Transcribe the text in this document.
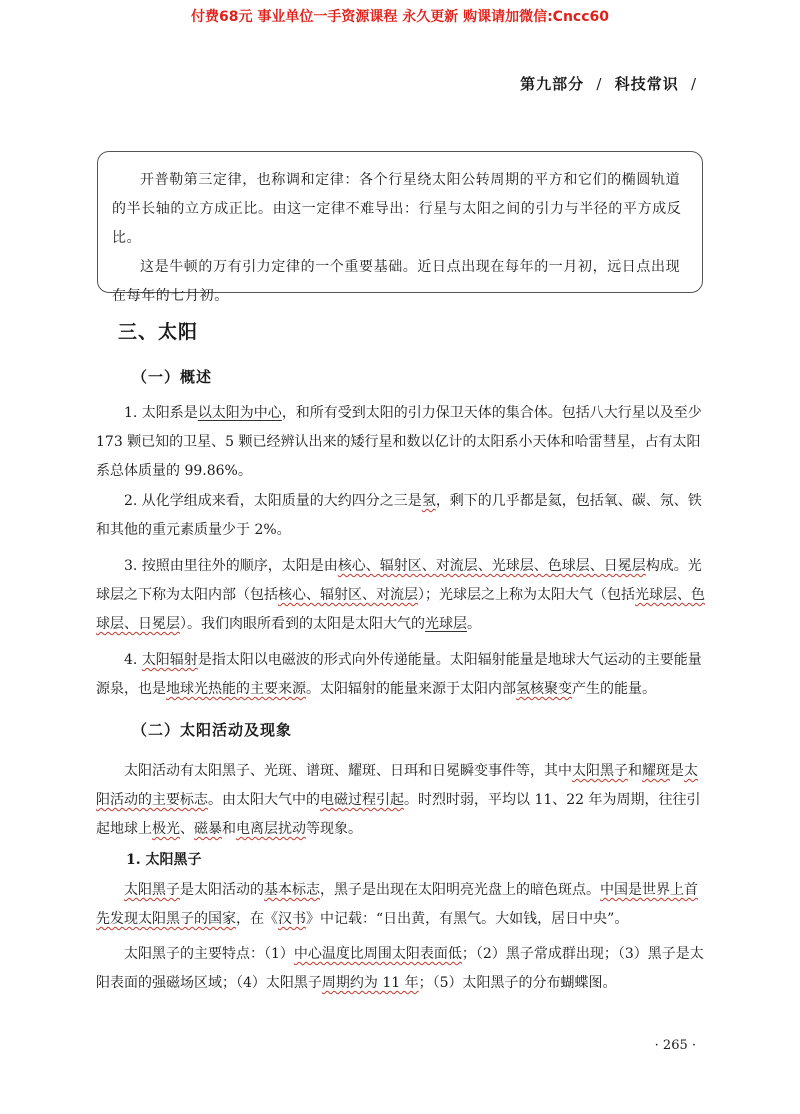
付费68元 事业单位一手资源课程 永久更新 购课请加微信:Cncc60
第九部分 / 科技常识 /

开普勒第三定律，也称调和定律：各个行星绕太阳公转周期的平方和它们的椭圆轨道的半长轴的立方成正比。由这一定律不难导出：行星与太阳之间的引力与半径的平方成反比。

这是牛顿的万有引力定律的一个重要基础。近日点出现在每年的一月初，远日点出现在每年的七月初。

三、太阳
（一）概述

1. 太阳系是以太阳为中心，和所有受到太阳的引力保卫天体的集合体。包括八大行星以及至少 173 颗已知的卫星、5 颗已经辨认出来的矮行星和数以亿计的太阳系小天体和哈雷彗星，占有太阳系总体质量的 99.86%。

2. 从化学组成来看，太阳质量的大约四分之三是氢，剩下的几乎都是氦，包括氧、碳、氖、铁和其他的重元素质量少于 2%。

3. 按照由里往外的顺序，太阳是由核心、辐射区、对流层、光球层、色球层、日冕层构成。光球层之下称为太阳内部（包括核心、辐射区、对流层）；光球层之上称为太阳大气（包括光球层、色球层、日冕层）。我们肉眼所看到的太阳是太阳大气的光球层。

4. 太阳辐射是指太阳以电磁波的形式向外传递能量。太阳辐射能量是地球大气运动的主要能量源泉，也是地球光热能的主要来源。太阳辐射的能量来源于太阳内部氢核聚变产生的能量。

（二）太阳活动及现象

太阳活动有太阳黑子、光斑、谱斑、耀斑、日珥和日冕瞬变事件等，其中太阳黑子和耀斑是太阳活动的主要标志。由太阳大气中的电磁过程引起。时烈时弱，平均以 11、22 年为周期，往往引起地球上极光、磁暴和电离层扰动等现象。

1. 太阳黑子

太阳黑子是太阳活动的基本标志，黑子是出现在太阳明亮光盘上的暗色斑点。中国是世界上首先发现太阳黑子的国家，在《汉书》中记载：“日出黄，有黑气。大如钱，居日中央”。

太阳黑子的主要特点：（1）中心温度比周围太阳表面低；（2）黑子常成群出现；（3）黑子是太阳表面的强磁场区域；（4）太阳黑子周期约为 11 年；（5）太阳黑子的分布蝴蝶图。

· 265 ·
